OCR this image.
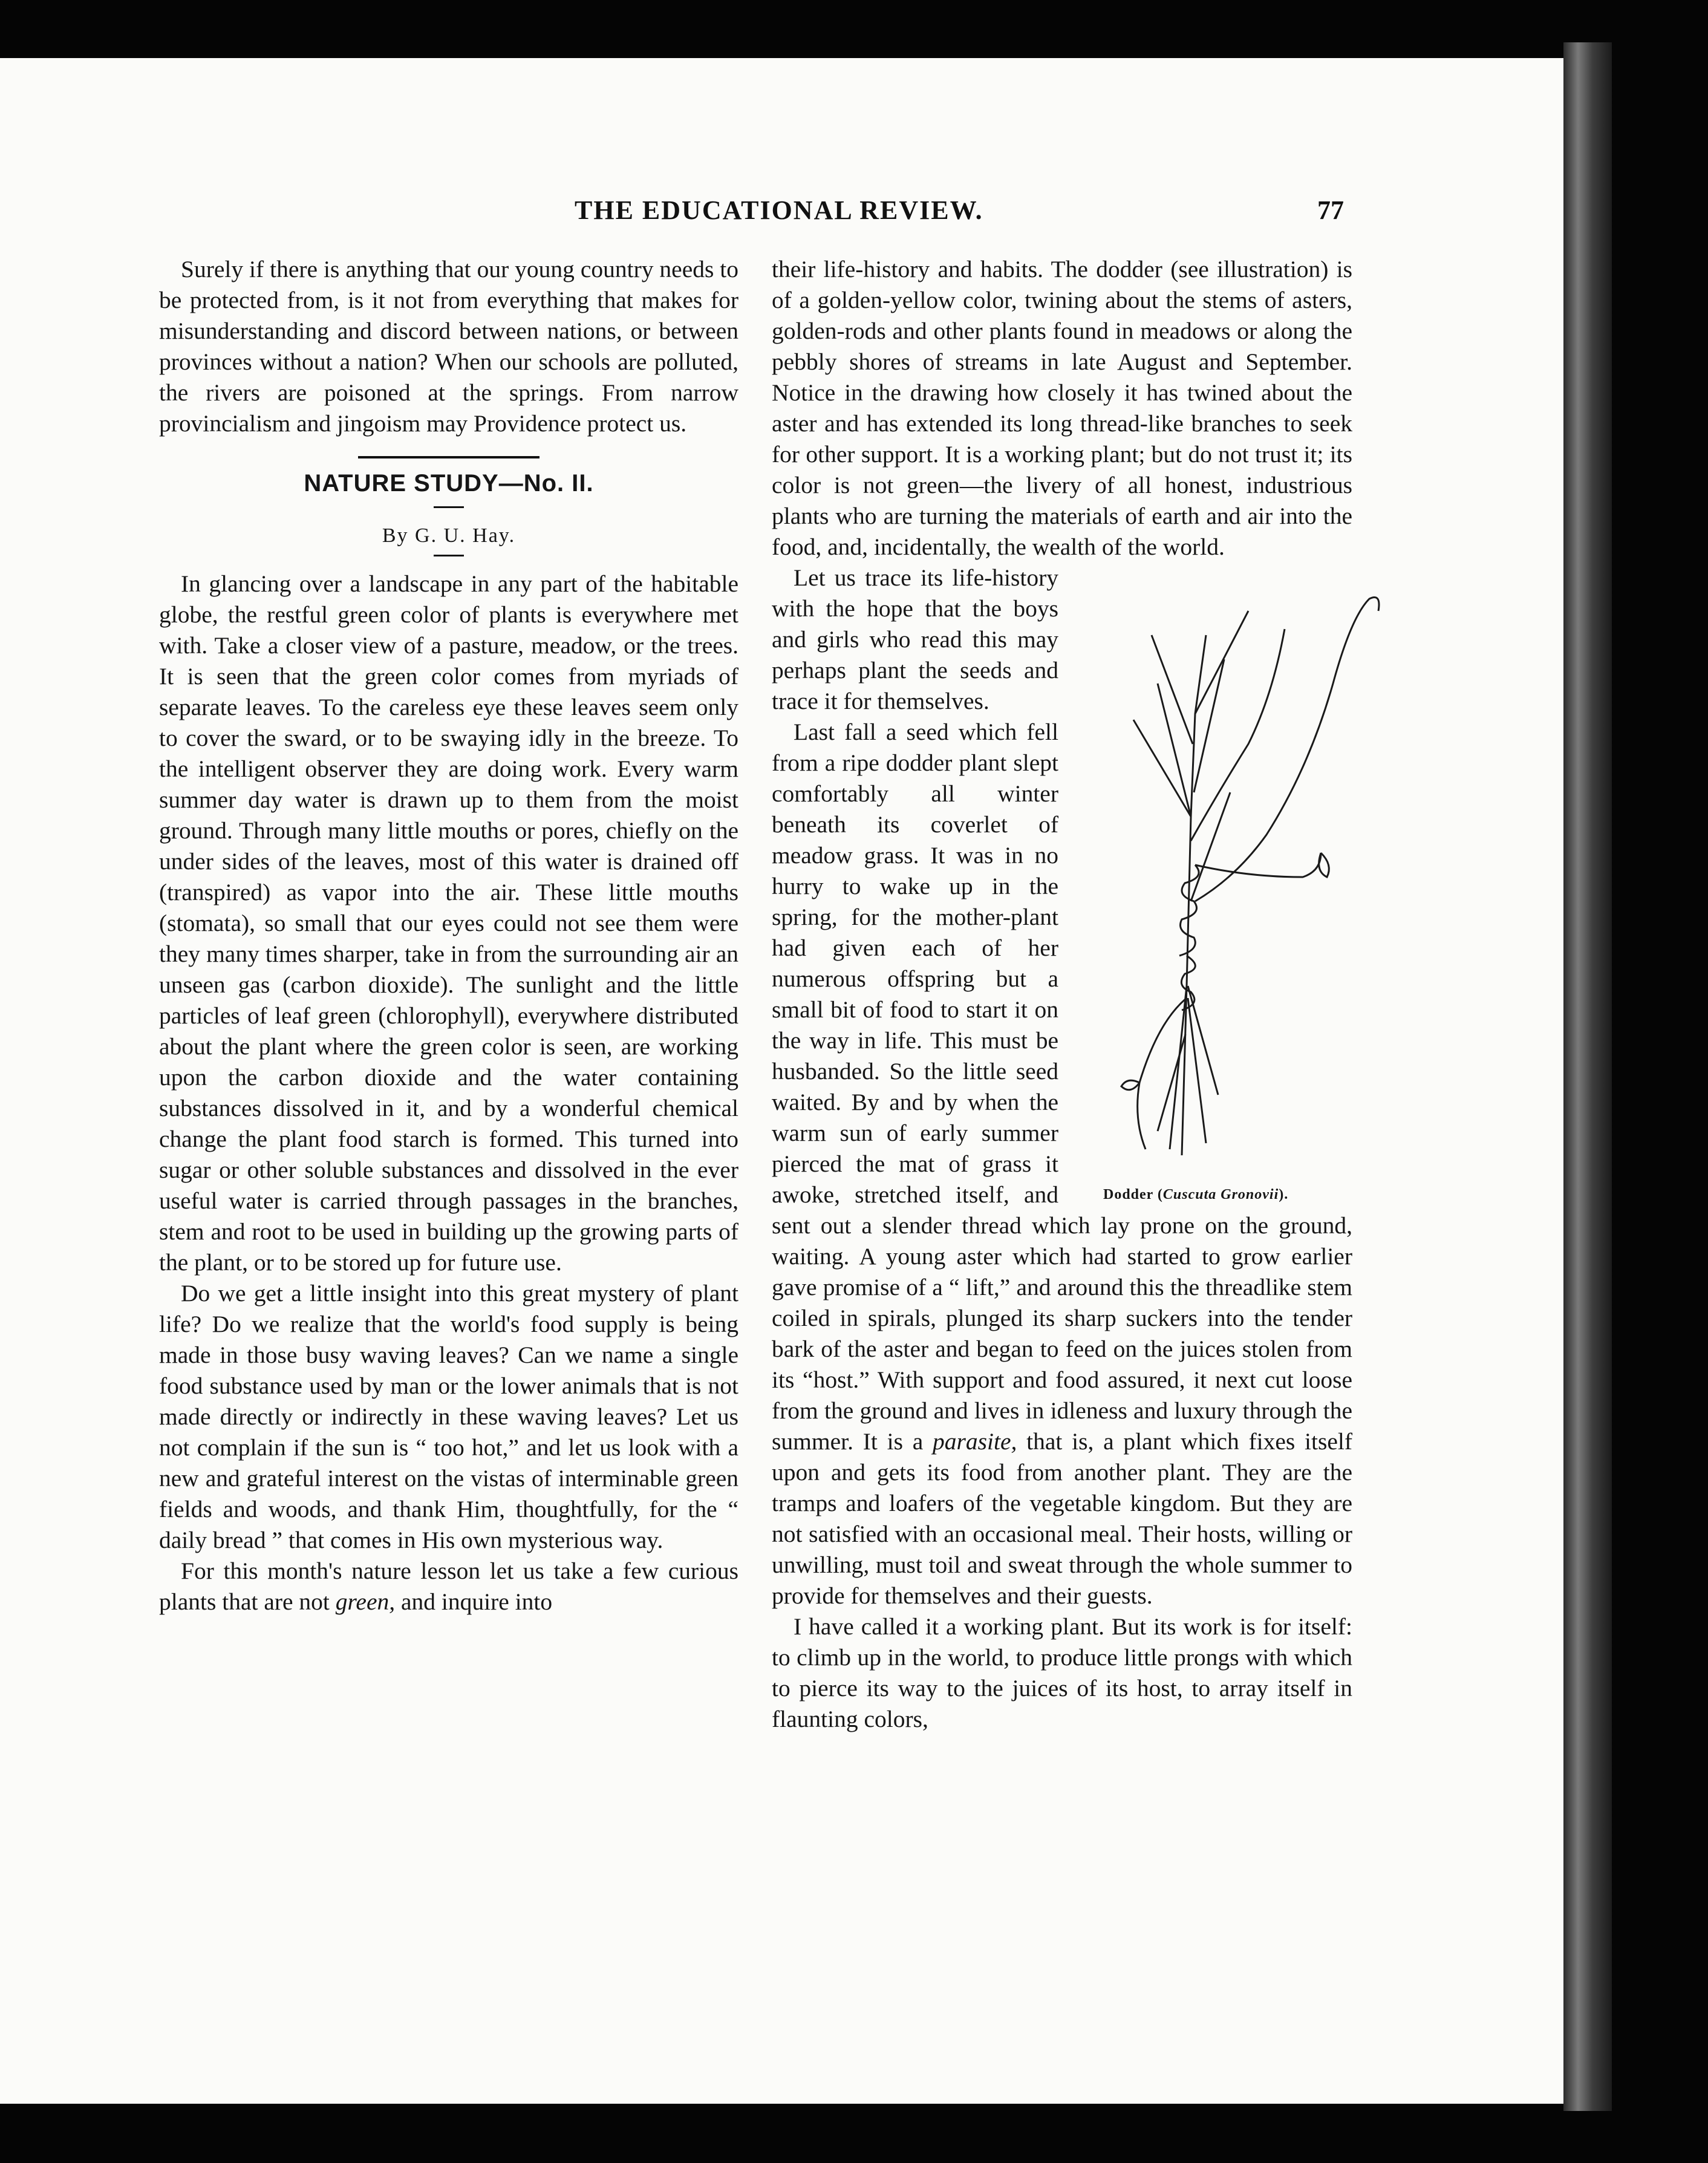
THE EDUCATIONAL REVIEW.	77

Surely if there is anything that our young country needs to be protected from, is it not from everything that makes for misunderstanding and discord between nations, or between provinces without a nation? When our schools are polluted, the rivers are poisoned at the springs. From narrow provincialism and jingoism may Providence protect us.

NATURE STUDY—No. II.
By G. U. Hay.

In glancing over a landscape in any part of the habitable globe, the restful green color of plants is everywhere met with. Take a closer view of a pasture, meadow, or the trees. It is seen that the green color comes from myriads of separate leaves. To the careless eye these leaves seem only to cover the sward, or to be swaying idly in the breeze. To the intelligent observer they are doing work. Every warm summer day water is drawn up to them from the moist ground. Through many little mouths or pores, chiefly on the under sides of the leaves, most of this water is drained off (transpired) as vapor into the air. These little mouths (stomata), so small that our eyes could not see them were they many times sharper, take in from the surrounding air an unseen gas (carbon dioxide). The sunlight and the little particles of leaf green (chlorophyll), everywhere distributed about the plant where the green color is seen, are working upon the carbon dioxide and the water containing substances dissolved in it, and by a wonderful chemical change the plant food starch is formed. This turned into sugar or other soluble substances and dissolved in the ever useful water is carried through passages in the branches, stem and root to be used in building up the growing parts of the plant, or to be stored up for future use.

Do we get a little insight into this great mystery of plant life? Do we realize that the world's food supply is being made in those busy waving leaves? Can we name a single food substance used by man or the lower animals that is not made directly or indirectly in these waving leaves? Let us not complain if the sun is “ too hot,” and let us look with a new and grateful interest on the vistas of interminable green fields and woods, and thank Him, thoughtfully, for the “ daily bread ” that comes in His own mysterious way.

For this month's nature lesson let us take a few curious plants that are not green, and inquire into

their life-history and habits. The dodder (see illustration) is of a golden-yellow color, twining about the stems of asters, golden-rods and other plants found in meadows or along the pebbly shores of streams in late August and September. Notice in the drawing how closely it has twined about the aster and has extended its long thread-like branches to seek for other support. It is a working plant; but do not trust it; its color is not green—the livery of all honest, industrious plants who are turning the materials of earth and air into the food, and, incidentally, the wealth of the world.

Dodder (Cuscuta Gronovii).

Let us trace its life-history with the hope that the boys and girls who read this may perhaps plant the seeds and trace it for themselves.

Last fall a seed which fell from a ripe dodder plant slept comfortably all winter beneath its coverlet of meadow grass. It was in no hurry to wake up in the spring, for the mother-plant had given each of her numerous offspring but a small bit of food to start it on the way in life. This must be husbanded. So the little seed waited. By and by when the warm sun of early summer pierced the mat of grass it awoke, stretched itself, and sent out a slender thread which lay prone on the ground, waiting. A young aster which had started to grow earlier gave promise of a “ lift,” and around this the threadlike stem coiled in spirals, plunged its sharp suckers into the tender bark of the aster and began to feed on the juices stolen from its “host.” With support and food assured, it next cut loose from the ground and lives in idleness and luxury through the summer. It is a parasite, that is, a plant which fixes itself upon and gets its food from another plant. They are the tramps and loafers of the vegetable kingdom. But they are not satisfied with an occasional meal. Their hosts, willing or unwilling, must toil and sweat through the whole summer to provide for themselves and their guests.

I have called it a working plant. But its work is for itself: to climb up in the world, to produce little prongs with which to pierce its way to the juices of its host, to array itself in flaunting colors,
